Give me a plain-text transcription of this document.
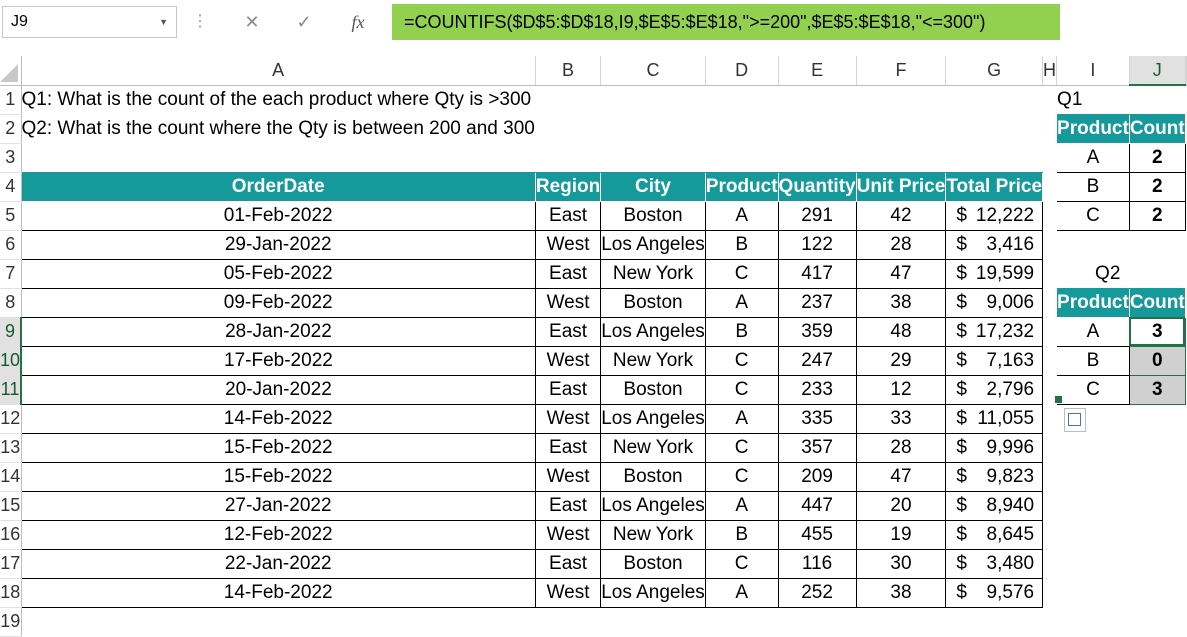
J9	▼ ⋮	✕	✓	fx	=COUNTIFS($D$5:$D$18,I9,$E$5:$E$18,">=200",$E$5:$E$18,"<=300")
	A	B	C	D	E	F	G	H	I	J	
1	Q1: What is the count of the each product where Qty is >300								Q1		
2	Q2: What is the count where the Qty is between 200 and 300								Product	Count	
3									A	2	
4	OrderDate	Region	City	Product	Quantity	Unit Price	Total Price		B	2	
5	01-Feb-2022	East	Boston	A	291	42	$ 12,222		C	2	
6	29-Jan-2022	West	Los Angeles	B	122	28	$ 3,416				

7	05-Feb-2022	East	New York	C	417	47	$ 19,599		Q2		
8	09-Feb-2022	West	Boston	A	237	38	$ 9,006		Product	Count	
9	28-Jan-2022	East	Los Angeles	B	359	48	$ 17,232		A	3	
10	17-Feb-2022	West	New York	C	247	29	$ 7,163		B	0	
11	20-Jan-2022	East	Boston	C	233	12	$ 2,796		C	3	
12	14-Feb-2022	West	Los Angeles	A	335	33	$ 11,055				

13	15-Feb-2022	East	New York	C	357	28	$ 9,996				

14	15-Feb-2022	West	Boston	C	209	47	$ 9,823				

15	27-Jan-2022	East	Los Angeles	A	447	20	$ 8,940				

16	12-Feb-2022	West	New York	B	455	19	$ 8,645				

17	22-Jan-2022	East	Boston	C	116	30	$ 3,480				

18	14-Feb-2022	West	Los Angeles	A	252	38	$ 9,576				

19											
